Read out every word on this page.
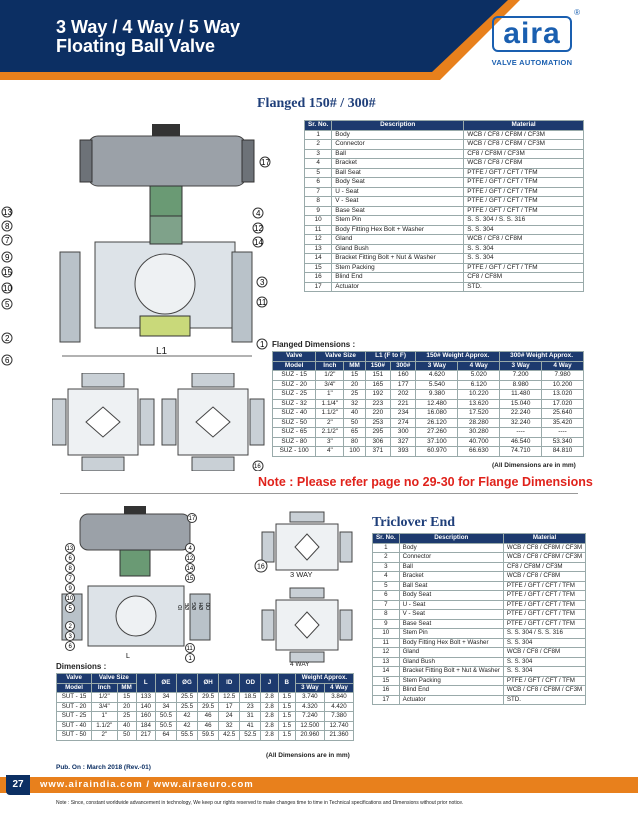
3 Way / 4 Way / 5 Way
Floating Ball Valve	aira
®
VALVE AUTOMATION
Flanged 150# / 300#
L1
13
8
7
9
15
10
5
2
6
17
4
12
14
3
11
1
Sr. No.	Description	Material
1	Body	WCB / CF8 / CF8M / CF3M
2	Connector	WCB / CF8 / CF8M / CF3M
3	Ball	CF8 / CF8M / CF3M
4	Bracket	WCB / CF8 / CF8M
5	Ball Seat	PTFE / GFT / CFT / TFM
6	Body Seat	PTFE / GFT / CFT / TFM
7	U - Seat	PTFE / GFT / CFT / TFM
8	V - Seat	PTFE / GFT / CFT / TFM
9	Base Seat	PTFE / GFT / CFT / TFM
10	Stem Pin	S. S. 304 / S. S. 316
11	Body Fitting Hex Bolt + Washer	S. S. 304
12	Gland	WCB / CF8 / CF8M
13	Gland Bush	S. S. 304
14	Bracket Fitting Bolt + Nut & Washer	S. S. 304
15	Stem Packing	PTFE / GFT / CFT / TFM
16	Blind End	CF8 / CF8M
17	Actuator	STD.
16
Flanged Dimensions :
Valve	Valve Size		L1 (F to F)		150# Weight Approx.		300# Weight Approx.	
Model	Inch	MM	150#	300#	3 Way	4 Way	3 Way	4 Way
SUZ - 15	1/2"	15	151	160	4.620	5.020	7.200	7.980
SUZ - 20	3/4"	20	165	177	5.540	6.120	8.980	10.200
SUZ - 25	1"	25	192	202	9.380	10.220	11.480	13.020
SUZ - 32	1.1/4"	32	223	221	12.480	13.620	15.040	17.020
SUZ - 40	1.1/2"	40	220	234	16.080	17.520	22.240	25.640
SUZ - 50	2"	50	253	274	26.120	28.280	32.240	35.420
SUZ - 65	2.1/2"	65	295	300	27.260	30.280	----	----
SUZ - 80	3"	80	306	327	37.100	40.700	46.540	53.340
SUZ - 100	4"	100	371	393	60.970	66.630	74.710	84.810
(All Dimensions are in mm)
Note : Please refer page no 29-30 for Flange Dimensions
L
ID ØE ØG ØH OD
13
6
8
7
9
10
5
2
3
6
17
4
12
14
15
11
1
16
3 WAY
4 WAY
Triclover End
Sr. No.	Description	Material
1	Body	WCB / CF8 / CF8M / CF3M
2	Connector	WCB / CF8 / CF8M / CF3M
3	Ball	CF8 / CF8M / CF3M
4	Bracket	WCB / CF8 / CF8M
5	Ball Seat	PTFE / GFT / CFT / TFM
6	Body Seat	PTFE / GFT / CFT / TFM
7	U - Seat	PTFE / GFT / CFT / TFM
8	V - Seat	PTFE / GFT / CFT / TFM
9	Base Seat	PTFE / GFT / CFT / TFM
10	Stem Pin	S. S. 304 / S. S. 316
11	Body Fitting Hex Bolt + Washer	S. S. 304
12	Gland	WCB / CF8 / CF8M
13	Gland Bush	S. S. 304
14	Bracket Fitting Bolt + Nut & Washer	S. S. 304
15	Stem Packing	PTFE / GFT / CFT / TFM
16	Blind End	WCB / CF8 / CF8M / CF3M
17	Actuator	STD.
Dimensions :
Valve	Valve Size		L	ØE	ØG	ØH	ID	OD	J	B	Weight Approx.	
Model	Inch	MM									3 Way	4 Way
SUT - 15	1/2"	15	133	34	25.5	29.5	12.5	18.5	2.8	1.5	3.740	3.840
SUT - 20	3/4"	20	140	34	25.5	29.5	17	23	2.8	1.5	4.320	4.420
SUT - 25	1"	25	160	50.5	42	46	24	31	2.8	1.5	7.240	7.380
SUT - 40	1.1/2"	40	184	50.5	42	46	32	41	2.8	1.5	12.500	12.740
SUT - 50	2"	50	217	64	55.5	59.5	42.5	52.5	2.8	1.5	20.960	21.360
(All Dimensions are in mm)
Pub. On : March 2018 (Rev.-01)
27	www.airaindia.com / www.airaeuro.com
Note : Since, constant worldwide advancement in technology, We keep our rights reserved to make changes time to time in Technical specifications and Dimensions without prior notice.
